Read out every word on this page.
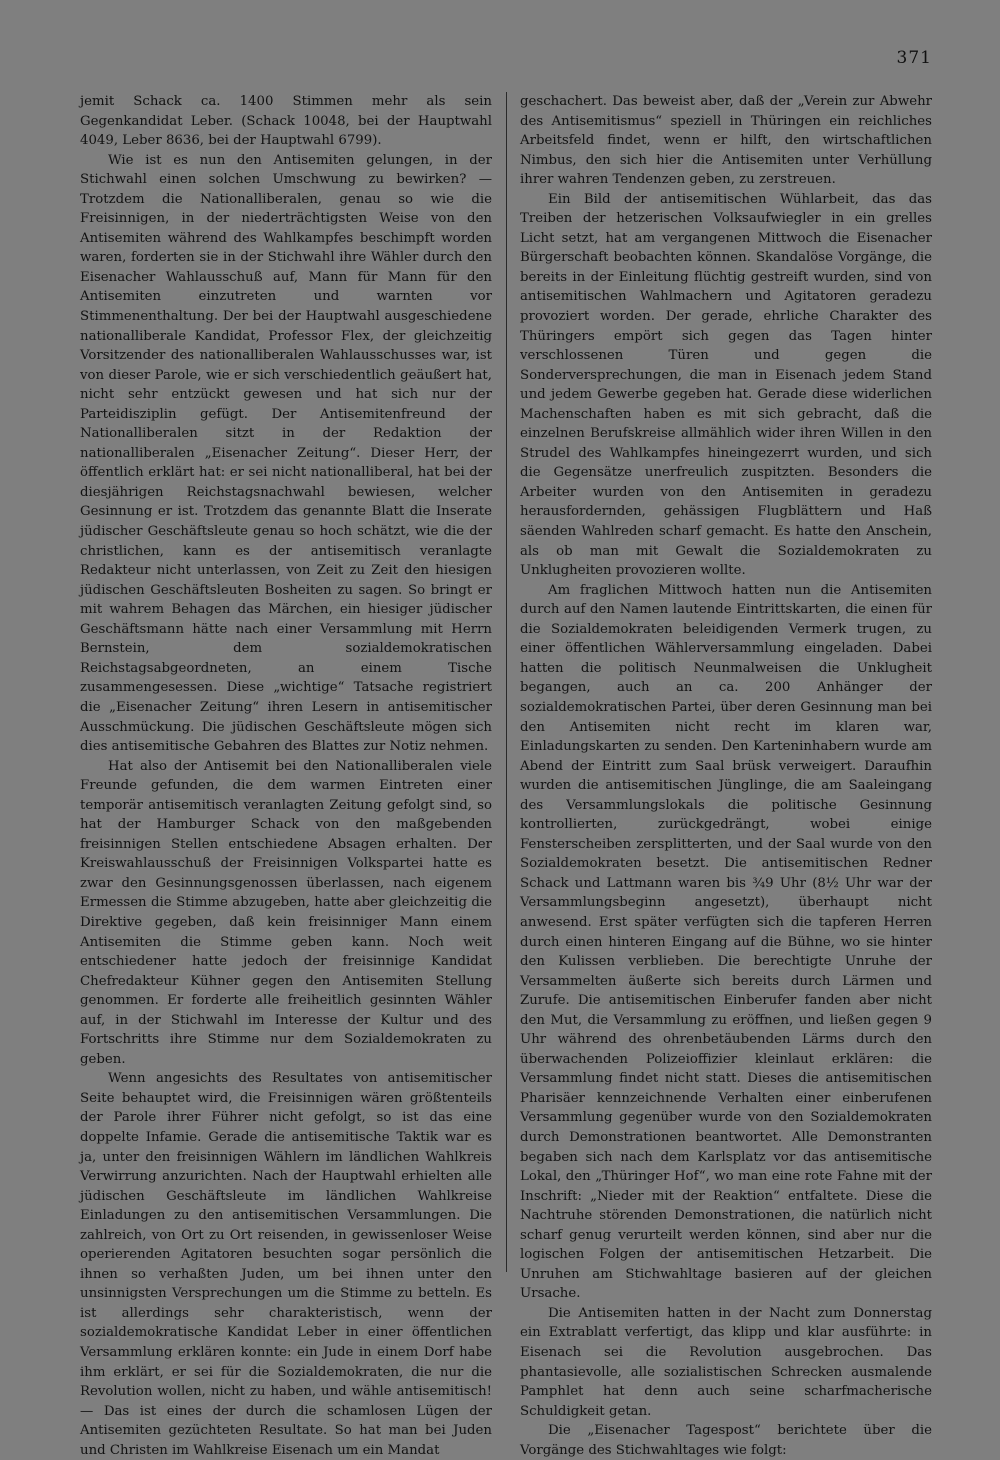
371

jemit Schack ca. 1400 Stimmen mehr als sein Gegenkandidat Leber. (Schack 10048, bei der Hauptwahl 4049, Leber 8636, bei der Hauptwahl 6799).

Wie ist es nun den Antisemiten gelungen, in der Stichwahl einen solchen Umschwung zu bewirken? — Trotzdem die Nationalliberalen, genau so wie die Freisinnigen, in der niederträchtigsten Weise von den Antisemiten während des Wahlkampfes beschimpft worden waren, forderten sie in der Stichwahl ihre Wähler durch den Eisenacher Wahlausschuß auf, Mann für Mann für den Antisemiten einzutreten und warnten vor Stimmenenthaltung. Der bei der Hauptwahl ausgeschiedene nationalliberale Kandidat, Professor Flex, der gleichzeitig Vorsitzender des nationalliberalen Wahlausschusses war, ist von dieser Parole, wie er sich verschiedentlich geäußert hat, nicht sehr entzückt gewesen und hat sich nur der Parteidisziplin gefügt. Der Antisemitenfreund der Nationalliberalen sitzt in der Redaktion der nationalliberalen „Eisenacher Zeitung“. Dieser Herr, der öffentlich erklärt hat: er sei nicht nationalliberal, hat bei der diesjährigen Reichstagsnachwahl bewiesen, welcher Gesinnung er ist. Trotzdem das genannte Blatt die Inserate jüdischer Geschäftsleute genau so hoch schätzt, wie die der christlichen, kann es der antisemitisch veranlagte Redakteur nicht unterlassen, von Zeit zu Zeit den hiesigen jüdischen Geschäftsleuten Bosheiten zu sagen. So bringt er mit wahrem Behagen das Märchen, ein hiesiger jüdischer Geschäftsmann hätte nach einer Versammlung mit Herrn Bernstein, dem sozialdemokratischen Reichstagsabgeordneten, an einem Tische zusammengesessen. Diese „wichtige“ Tatsache registriert die „Eisenacher Zeitung“ ihren Lesern in antisemitischer Ausschmückung. Die jüdischen Geschäftsleute mögen sich dies antisemitische Gebahren des Blattes zur Notiz nehmen.

Hat also der Antisemit bei den Nationalliberalen viele Freunde gefunden, die dem warmen Eintreten einer temporär antisemitisch veranlagten Zeitung gefolgt sind, so hat der Hamburger Schack von den maßgebenden freisinnigen Stellen entschiedene Absagen erhalten. Der Kreiswahlausschuß der Freisinnigen Volkspartei hatte es zwar den Gesinnungsgenossen überlassen, nach eigenem Ermessen die Stimme abzugeben, hatte aber gleichzeitig die Direktive gegeben, daß kein freisinniger Mann einem Antisemiten die Stimme geben kann. Noch weit entschiedener hatte jedoch der freisinnige Kandidat Chefredakteur Kühner gegen den Antisemiten Stellung genommen. Er forderte alle freiheitlich gesinnten Wähler auf, in der Stichwahl im Interesse der Kultur und des Fortschritts ihre Stimme nur dem Sozialdemokraten zu geben.

Wenn angesichts des Resultates von antisemitischer Seite behauptet wird, die Freisinnigen wären größtenteils der Parole ihrer Führer nicht gefolgt, so ist das eine doppelte Infamie. Gerade die antisemitische Taktik war es ja, unter den freisinnigen Wählern im ländlichen Wahlkreis Verwirrung anzurichten. Nach der Hauptwahl erhielten alle jüdischen Geschäftsleute im ländlichen Wahlkreise Einladungen zu den antisemitischen Versammlungen. Die zahlreich, von Ort zu Ort reisenden, in gewissenloser Weise operierenden Agitatoren besuchten sogar persönlich die ihnen so verhaßten Juden, um bei ihnen unter den unsinnigsten Versprechungen um die Stimme zu betteln. Es ist allerdings sehr charakteristisch, wenn der sozialdemokratische Kandidat Leber in einer öffentlichen Versammlung erklären konnte: ein Jude in einem Dorf habe ihm erklärt, er sei für die Sozialdemokraten, die nur die Revolution wollen, nicht zu haben, und wähle antisemitisch! — Das ist eines der durch die schamlosen Lügen der Antisemiten gezüchteten Resultate. So hat man bei Juden und Christen im Wahlkreise Eisenach um ein Mandat

geschachert. Das beweist aber, daß der „Verein zur Abwehr des Antisemitismus“ speziell in Thüringen ein reichliches Arbeitsfeld findet, wenn er hilft, den wirtschaftlichen Nimbus, den sich hier die Antisemiten unter Verhüllung ihrer wahren Tendenzen geben, zu zerstreuen.

Ein Bild der antisemitischen Wühlarbeit, das das Treiben der hetzerischen Volksaufwiegler in ein grelles Licht setzt, hat am vergangenen Mittwoch die Eisenacher Bürgerschaft beobachten können. Skandalöse Vorgänge, die bereits in der Einleitung flüchtig gestreift wurden, sind von antisemitischen Wahlmachern und Agitatoren geradezu provoziert worden. Der gerade, ehrliche Charakter des Thüringers empört sich gegen das Tagen hinter verschlossenen Türen und gegen die Sonderversprechungen, die man in Eisenach jedem Stand und jedem Gewerbe gegeben hat. Gerade diese widerlichen Machenschaften haben es mit sich gebracht, daß die einzelnen Berufskreise allmählich wider ihren Willen in den Strudel des Wahlkampfes hineingezerrt wurden, und sich die Gegensätze unerfreulich zuspitzten. Besonders die Arbeiter wurden von den Antisemiten in geradezu herausfordernden, gehässigen Flugblättern und Haß säenden Wahlreden scharf gemacht. Es hatte den Anschein, als ob man mit Gewalt die Sozialdemokraten zu Unklugheiten provozieren wollte.

Am fraglichen Mittwoch hatten nun die Antisemiten durch auf den Namen lautende Eintrittskarten, die einen für die Sozialdemokraten beleidigenden Vermerk trugen, zu einer öffentlichen Wählerversammlung eingeladen. Dabei hatten die politisch Neunmalweisen die Unklugheit begangen, auch an ca. 200 Anhänger der sozialdemokratischen Partei, über deren Gesinnung man bei den Antisemiten nicht recht im klaren war, Einladungskarten zu senden. Den Karteninhabern wurde am Abend der Eintritt zum Saal brüsk verweigert. Daraufhin wurden die antisemitischen Jünglinge, die am Saaleingang des Versammlungslokals die politische Gesinnung kontrollierten, zurückgedrängt, wobei einige Fensterscheiben zersplitterten, und der Saal wurde von den Sozialdemokraten besetzt. Die antisemitischen Redner Schack und Lattmann waren bis ¾9 Uhr (8½ Uhr war der Versammlungsbeginn angesetzt), überhaupt nicht anwesend. Erst später verfügten sich die tapferen Herren durch einen hinteren Eingang auf die Bühne, wo sie hinter den Kulissen verblieben. Die berechtigte Unruhe der Versammelten äußerte sich bereits durch Lärmen und Zurufe. Die antisemitischen Einberufer fanden aber nicht den Mut, die Versammlung zu eröffnen, und ließen gegen 9 Uhr während des ohrenbetäubenden Lärms durch den überwachenden Polizeioffizier kleinlaut erklären: die Versammlung findet nicht statt. Dieses die antisemitischen Pharisäer kennzeichnende Verhalten einer einberufenen Versammlung gegenüber wurde von den Sozialdemokraten durch Demonstrationen beantwortet. Alle Demonstranten begaben sich nach dem Karlsplatz vor das antisemitische Lokal, den „Thüringer Hof“, wo man eine rote Fahne mit der Inschrift: „Nieder mit der Reaktion“ entfaltete. Diese die Nachtruhe störenden Demonstrationen, die natürlich nicht scharf genug verurteilt werden können, sind aber nur die logischen Folgen der antisemitischen Hetzarbeit. Die Unruhen am Stichwahltage basieren auf der gleichen Ursache.

Die Antisemiten hatten in der Nacht zum Donnerstag ein Extrablatt verfertigt, das klipp und klar ausführte: in Eisenach sei die Revolution ausgebrochen. Das phantasievolle, alle sozialistischen Schrecken ausmalende Pamphlet hat denn auch seine scharfmacherische Schuldigkeit getan.

Die „Eisenacher Tagespost“ berichtete über die Vorgänge des Stichwahltages wie folgt:
